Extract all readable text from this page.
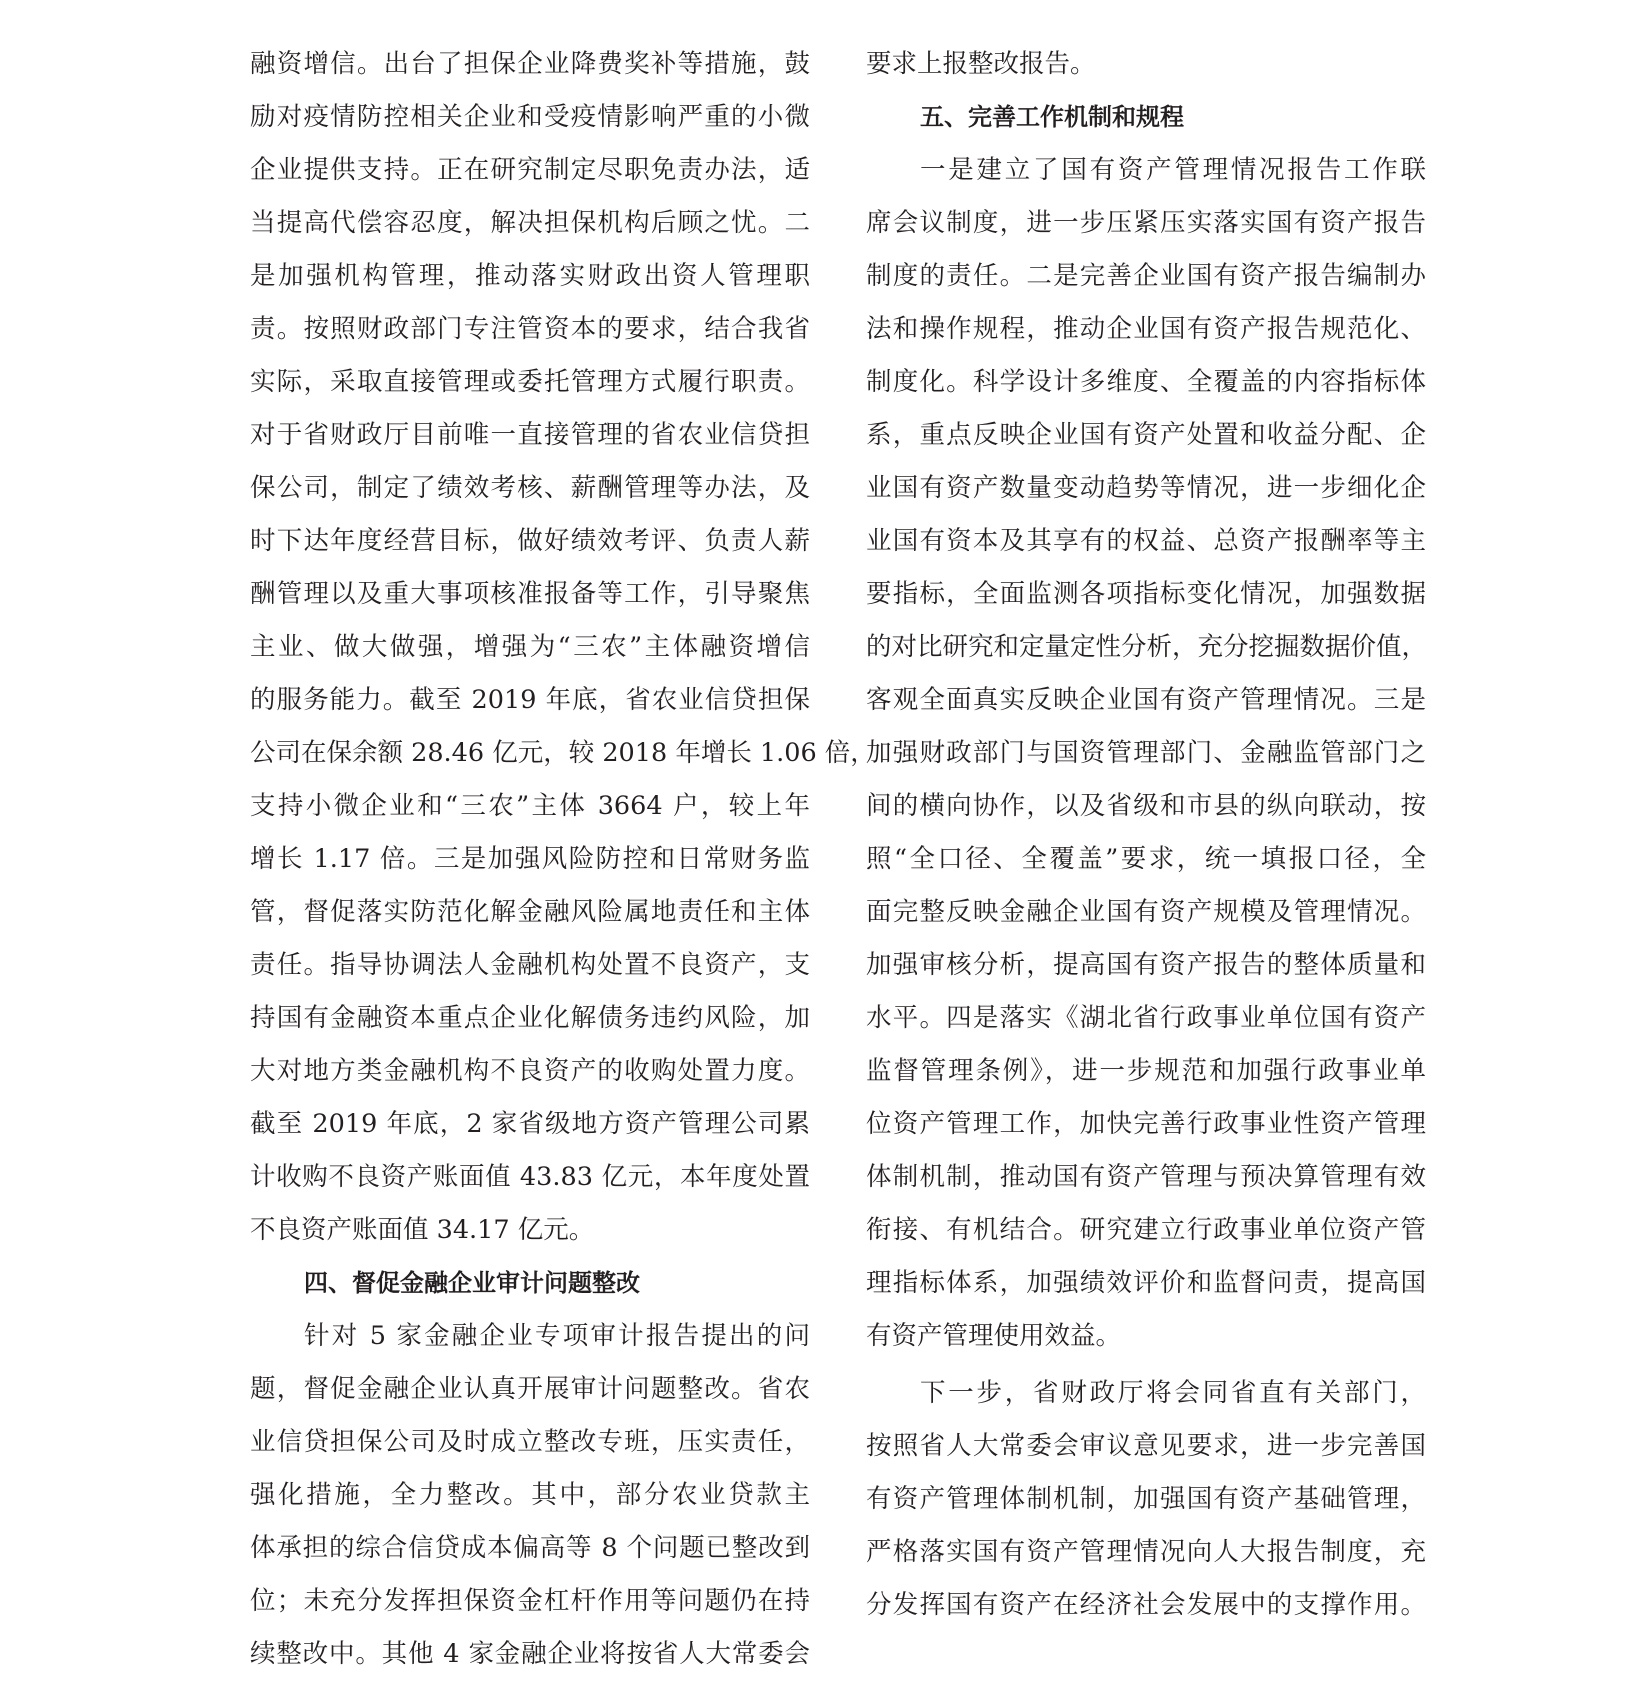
融资增信。出台了担保企业降费奖补等措施，鼓
励对疫情防控相关企业和受疫情影响严重的小微
企业提供支持。正在研究制定尽职免责办法，适
当提高代偿容忍度，解决担保机构后顾之忧。二
是加强机构管理，推动落实财政出资人管理职
责。按照财政部门专注管资本的要求，结合我省
实际，采取直接管理或委托管理方式履行职责。
对于省财政厅目前唯一直接管理的省农业信贷担
保公司，制定了绩效考核、薪酬管理等办法，及
时下达年度经营目标，做好绩效考评、负责人薪
酬管理以及重大事项核准报备等工作，引导聚焦
主业、做大做强，增强为“三农”主体融资增信
的服务能力。截至 2019 年底，省农业信贷担保
公司在保余额 28.46 亿元，较 2018 年增长 1.06 倍，
支持小微企业和“三农”主体 3664 户，较上年
增长 1.17 倍。三是加强风险防控和日常财务监
管，督促落实防范化解金融风险属地责任和主体
责任。指导协调法人金融机构处置不良资产，支
持国有金融资本重点企业化解债务违约风险，加
大对地方类金融机构不良资产的收购处置力度。
截至 2019 年底，2 家省级地方资产管理公司累
计收购不良资产账面值 43.83 亿元，本年度处置
不良资产账面值 34.17 亿元。
四、督促金融企业审计问题整改
针对 5 家金融企业专项审计报告提出的问
题，督促金融企业认真开展审计问题整改。省农
业信贷担保公司及时成立整改专班，压实责任，
强化措施，全力整改。其中，部分农业贷款主
体承担的综合信贷成本偏高等 8 个问题已整改到
位；未充分发挥担保资金杠杆作用等问题仍在持
续整改中。其他 4 家金融企业将按省人大常委会
要求上报整改报告。
五、完善工作机制和规程
一是建立了国有资产管理情况报告工作联
席会议制度，进一步压紧压实落实国有资产报告
制度的责任。二是完善企业国有资产报告编制办
法和操作规程，推动企业国有资产报告规范化、
制度化。科学设计多维度、全覆盖的内容指标体
系，重点反映企业国有资产处置和收益分配、企
业国有资产数量变动趋势等情况，进一步细化企
业国有资本及其享有的权益、总资产报酬率等主
要指标，全面监测各项指标变化情况，加强数据
的对比研究和定量定性分析，充分挖掘数据价值，
客观全面真实反映企业国有资产管理情况。三是
加强财政部门与国资管理部门、金融监管部门之
间的横向协作，以及省级和市县的纵向联动，按
照“全口径、全覆盖”要求，统一填报口径，全
面完整反映金融企业国有资产规模及管理情况。
加强审核分析，提高国有资产报告的整体质量和
水平。四是落实《湖北省行政事业单位国有资产
监督管理条例》，进一步规范和加强行政事业单
位资产管理工作，加快完善行政事业性资产管理
体制机制，推动国有资产管理与预决算管理有效
衔接、有机结合。研究建立行政事业单位资产管
理指标体系，加强绩效评价和监督问责，提高国
有资产管理使用效益。
下一步，省财政厅将会同省直有关部门，
按照省人大常委会审议意见要求，进一步完善国
有资产管理体制机制，加强国有资产基础管理，
严格落实国有资产管理情况向人大报告制度，充
分发挥国有资产在经济社会发展中的支撑作用。
